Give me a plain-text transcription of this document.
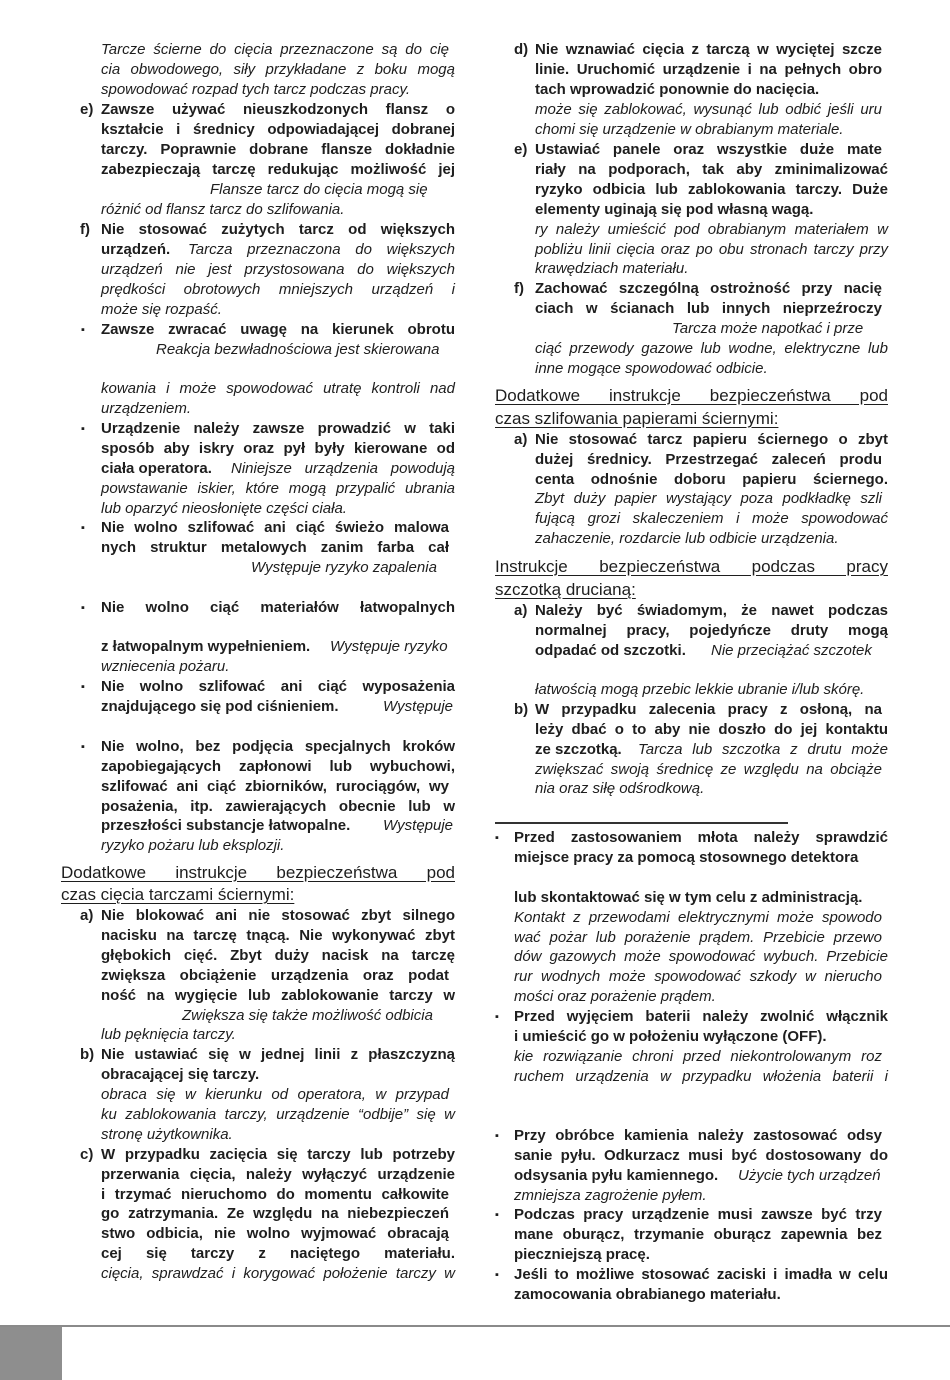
Tarcze ścierne do cięcia przeznaczone są do cię
cia obwodowego, siły przykładane z boku mogą
spowodować rozpad tych tarcz podczas pracy.
e) Zawsze używać nieuszkodzonych flansz o
kształcie i średnicy odpowiadającej dobranej
tarczy. Poprawnie dobrane flansze dokładnie
zabezpieczają tarczę redukując możliwość jej
Flansze tarcz do cięcia mogą się
różnić od flansz tarcz do szlifowania.
f) Nie stosować zużytych tarcz od większych
urządzeń. Tarcza przeznaczona do większych
urządzeń nie jest przystosowana do większych
prędkości obrotowych mniejszych urządzeń i
może się rozpaść.
▪ Zawsze zwracać uwagę na kierunek obrotu
Reakcja bezwładnościowa jest skierowana
kowania i może spowodować utratę kontroli nad
urządzeniem.
▪ Urządzenie należy zawsze prowadzić w taki
sposób aby iskry oraz pył były kierowane od
ciała operatora. Niniejsze urządzenia powodują
powstawanie iskier, które mogą przypalić ubrania
lub oparzyć nieosłonięte części ciała.
▪ Nie wolno szlifować ani ciąć świeżo malowa
nych struktur metalowych zanim farba cał
Występuje ryzyko zapalenia
▪ Nie wolno ciąć materiałów łatwopalnych
z łatwopalnym wypełnieniem. Występuje ryzyko
wzniecenia pożaru.
▪ Nie wolno szlifować ani ciąć wyposażenia
znajdującego się pod ciśnieniem.	Występuje
▪ Nie wolno, bez podjęcia specjalnych kroków
zapobiegających zapłonowi lub wybuchowi,
szlifować ani ciąć zbiorników, rurociągów, wy
posażenia, itp. zawierających obecnie lub w
przeszłości substancje łatwopalne. Występuje
ryzyko pożaru lub eksplozji.
Dodatkowe instrukcje bezpieczeństwa pod
czas cięcia tarczami ściernymi:
a) Nie blokować ani nie stosować zbyt silnego
nacisku na tarczę tnącą. Nie wykonywać zbyt
głębokich cięć. Zbyt duży nacisk na tarczę
zwiększa obciążenie urządzenia oraz podat
ność na wygięcie lub zablokowanie tarczy w
Zwiększa się także możliwość odbicia
lub pęknięcia tarczy.
b) Nie ustawiać się w jednej linii z płaszczyzną
obracającej się tarczy.
obraca się w kierunku od operatora, w przypad
ku zablokowania tarczy, urządzenie “odbije” się w
stronę użytkownika.
c) W przypadku zacięcia się tarczy lub potrzeby
przerwania cięcia, należy wyłączyć urządzenie
i trzymać nieruchomo do momentu całkowite
go zatrzymania. Ze względu na niebezpieczeń
stwo odbicia, nie wolno wyjmować obracają
cej się tarczy z naciętego materiału.
cięcia, sprawdzać i korygować położenie tarczy w
d) Nie wznawiać cięcia z tarczą w wyciętej szcze
linie. Uruchomić urządzenie i na pełnych obro
tach wprowadzić ponownie do nacięcia.
może się zablokować, wysunąć lub odbić jeśli uru
chomi się urządzenie w obrabianym materiale.
e) Ustawiać panele oraz wszystkie duże mate
riały na podporach, tak aby zminimalizować
ryzyko odbicia lub zablokowania tarczy. Duże
elementy uginają się pod własną wagą.
ry należy umieścić pod obrabianym materiałem w
pobliżu linii cięcia oraz po obu stronach tarczy przy
krawędziach materiału.
f) Zachować szczególną ostrożność przy nacię
ciach w ścianach lub innych nieprzeźroczy
Tarcza może napotkać i prze
ciąć przewody gazowe lub wodne, elektryczne lub
inne mogące spowodować odbicie.
Dodatkowe instrukcje bezpieczeństwa pod
czas szlifowania papierami ściernymi:
a) Nie stosować tarcz papieru ściernego o zbyt
dużej średnicy. Przestrzegać zaleceń produ
centa odnośnie doboru papieru ściernego.
Zbyt duży papier wystający poza podkładkę szli
fującą grozi skaleczeniem i może spowodować
zahaczenie, rozdarcie lub odbicie urządzenia.
Instrukcje bezpieczeństwa podczas pracy
szczotką drucianą:
a) Należy być świadomym, że nawet podczas
normalnej pracy, pojedyńcze druty mogą
odpadać od szczotki. Nie przeciążać szczotek
łatwością mogą przebic lekkie ubranie i/lub skórę.
b) W przypadku zalecenia pracy z osłoną, na
leży dbać o to aby nie doszło do jej kontaktu
ze szczotką. Tarcza lub szczotka z drutu może
zwiększać swoją średnicę ze względu na obciąże
nia oraz siłę odśrodkową.
▪ Przed zastosowaniem młota należy sprawdzić
miejsce pracy za pomocą stosownego detektora
lub skontaktować się w tym celu z administracją.
Kontakt z przewodami elektrycznymi może spowodo
wać pożar lub porażenie prądem. Przebicie przewo
dów gazowych może spowodować wybuch. Przebicie
rur wodnych może spowodować szkody w nierucho
mości oraz porażenie prądem.
▪ Przed wyjęciem baterii należy zwolnić włącznik
i umieścić go w położeniu wyłączone (OFF).
kie rozwiązanie chroni przed niekontrolowanym roz
ruchem urządzenia w przypadku włożenia baterii i
▪ Przy obróbce kamienia należy zastosować odsy
sanie pyłu. Odkurzacz musi być dostosowany do
odsysania pyłu kamiennego. Użycie tych urządzeń
zmniejsza zagrożenie pyłem.
▪ Podczas pracy urządzenie musi zawsze być trzy
mane oburącz, trzymanie oburącz zapewnia bez
pieczniejszą pracę.
▪ Jeśli to możliwe stosować zaciski i imadła w celu
zamocowania obrabianego materiału.
